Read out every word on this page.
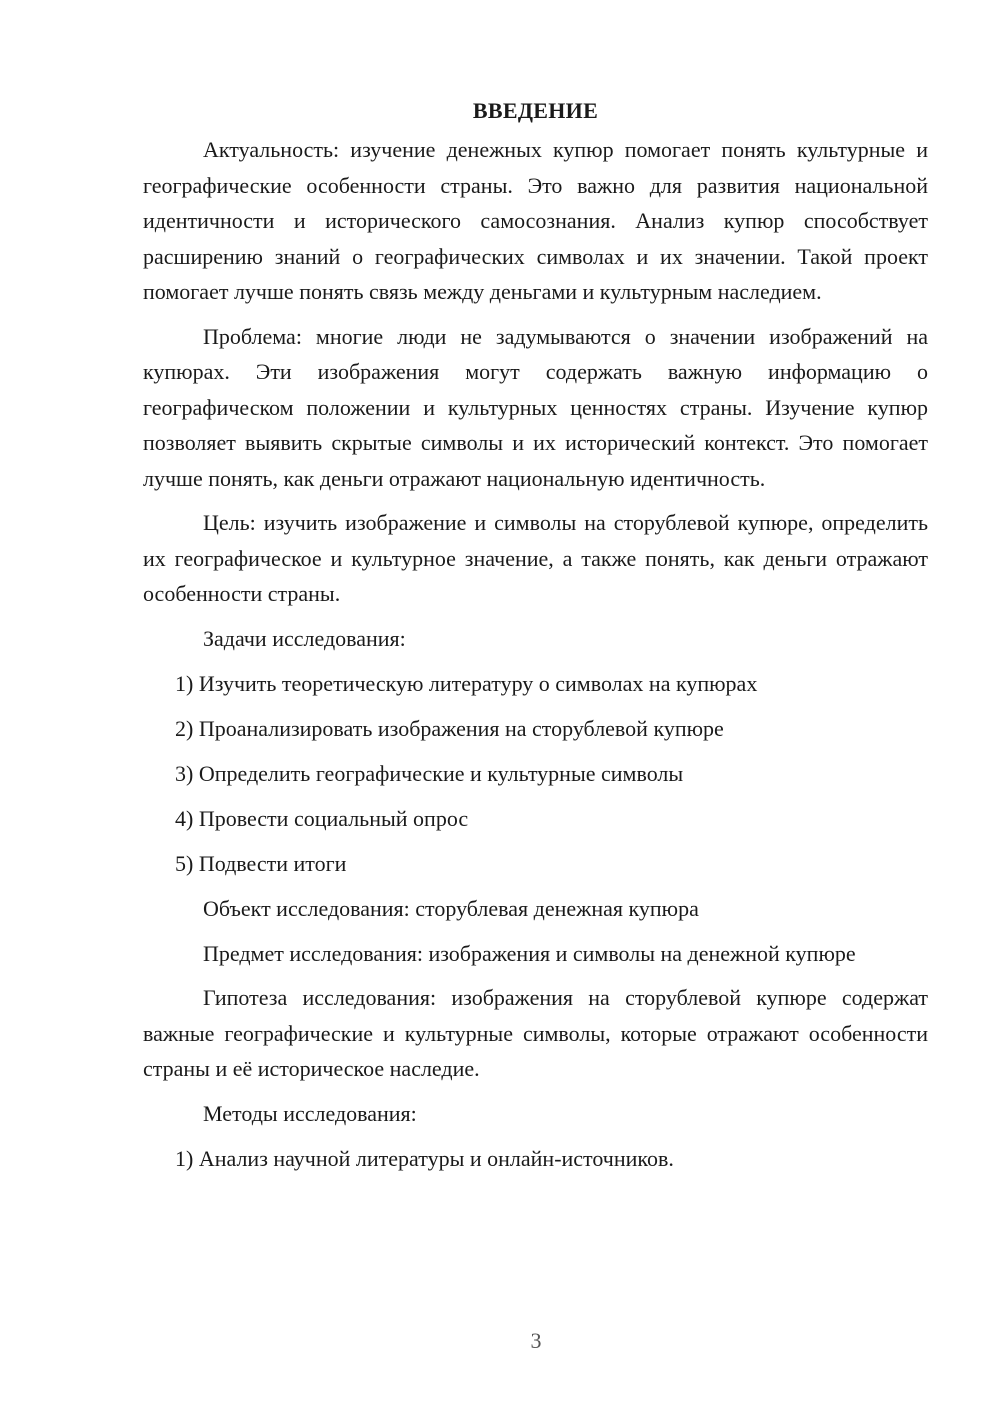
ВВЕДЕНИЕ

Актуальность: изучение денежных купюр помогает понять культурные и географические особенности страны. Это важно для развития национальной идентичности и исторического самосознания. Анализ купюр способствует расширению знаний о географических символах и их значении. Такой проект помогает лучше понять связь между деньгами и культурным наследием.

Проблема: многие люди не задумываются о значении изображений на купюрах. Эти изображения могут содержать важную информацию о географическом положении и культурных ценностях страны. Изучение купюр позволяет выявить скрытые символы и их исторический контекст. Это помогает лучше понять, как деньги отражают национальную идентичность.

Цель: изучить изображение и символы на сторублевой купюре, определить их географическое и культурное значение, а также понять, как деньги отражают особенности страны.

Задачи исследования:
1) Изучить теоретическую литературу о символах на купюрах
2) Проанализировать изображения на сторублевой купюре
3) Определить географические и культурные символы
4) Провести социальный опрос
5) Подвести итоги
Объект исследования: сторублевая денежная купюра

Предмет исследования: изображения и символы на денежной купюре

Гипотеза исследования: изображения на сторублевой купюре содержат важные географические и культурные символы, которые отражают особенности страны и её историческое наследие.

Методы исследования:
1) Анализ научной литературы и онлайн-источников.
3
